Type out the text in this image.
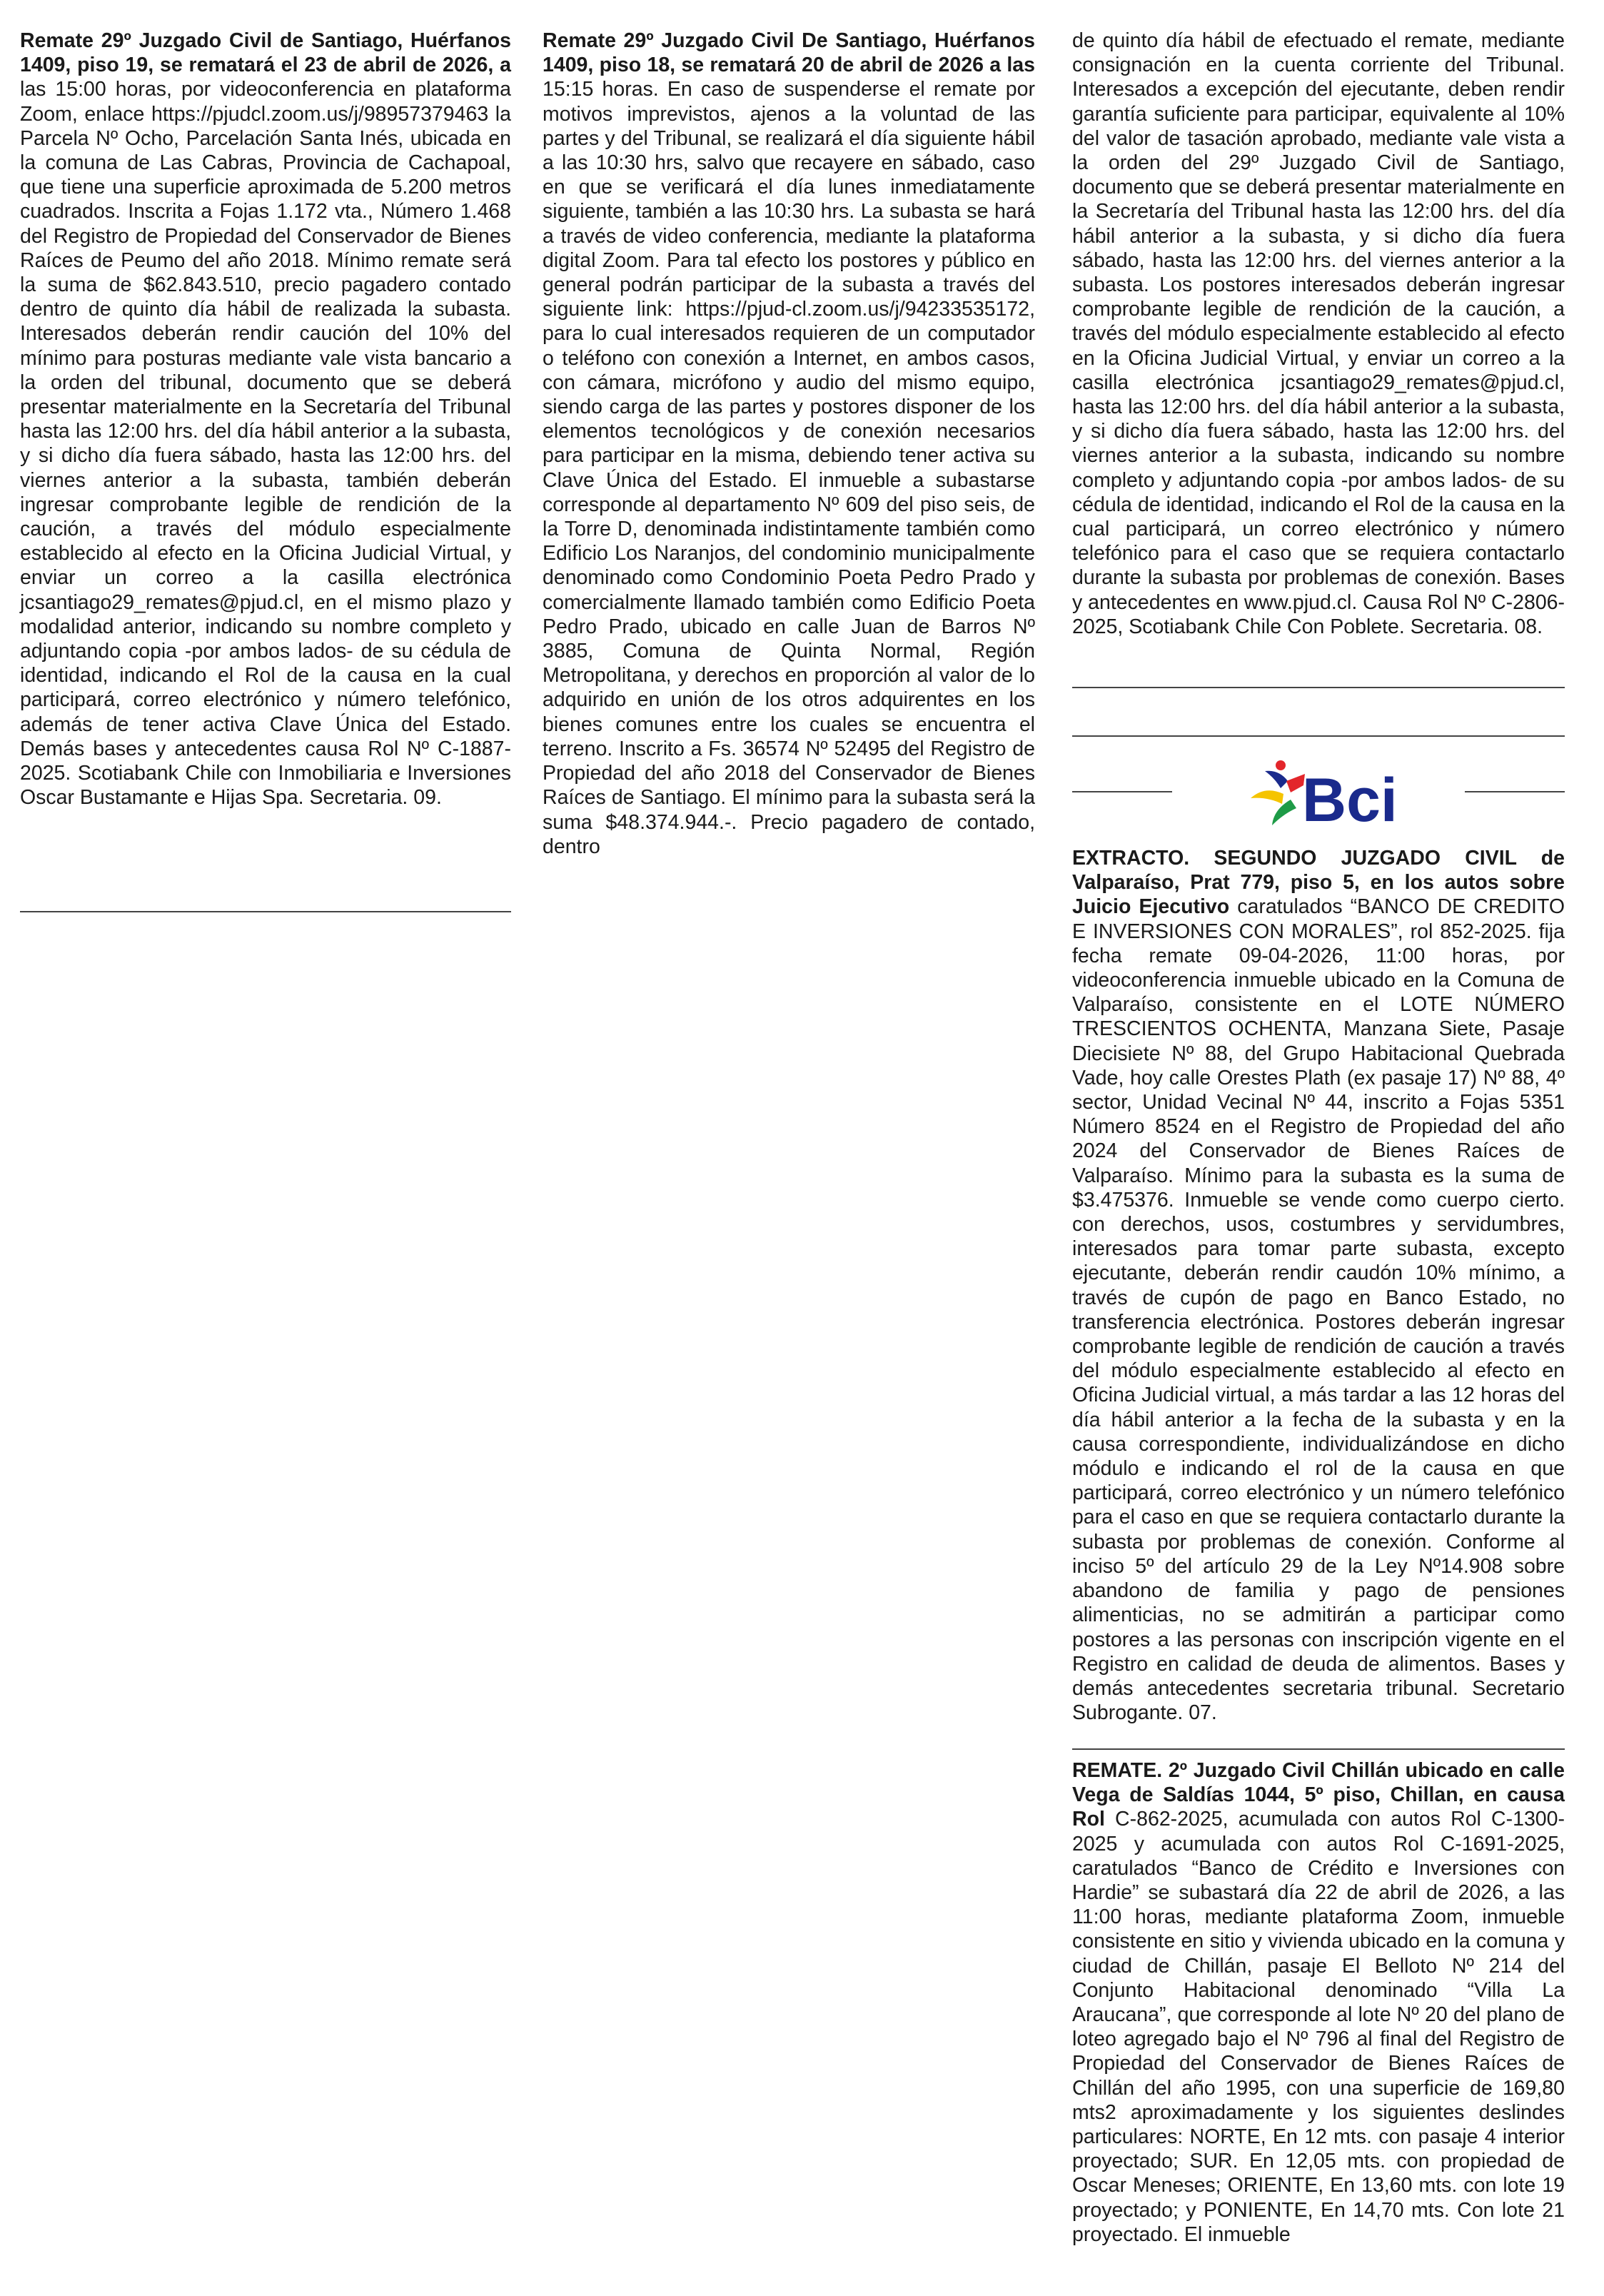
Remate 29º Juzgado Civil de Santiago, Huérfanos 1409, piso 19, se rematará el 23 de abril de 2026, a las 15:00 horas, por videoconferencia en plataforma Zoom, enlace https://pjudcl.zoom.us/j/98957379463 la Parcela Nº Ocho, Parcelación Santa Inés, ubicada en la comuna de Las Cabras, Provincia de Cachapoal, que tiene una superficie aproximada de 5.200 metros cuadrados. Inscrita a Fojas 1.172 vta., Número 1.468 del Registro de Propiedad del Conservador de Bienes Raíces de Peumo del año 2018. Mínimo remate será la suma de $62.843.510, precio pagadero contado dentro de quinto día hábil de realizada la subasta. Interesados deberán rendir caución del 10% del mínimo para posturas mediante vale vista bancario a la orden del tribunal, documento que se deberá presentar materialmente en la Secretaría del Tribunal hasta las 12:00 hrs. del día hábil anterior a la subasta, y si dicho día fuera sábado, hasta las 12:00 hrs. del viernes anterior a la subasta, también deberán ingresar comprobante legible de rendición de la caución, a través del módulo especialmente establecido al efecto en la Oficina Judicial Virtual, y enviar un correo a la casilla electrónica jcsantiago29_remates@pjud.cl, en el mismo plazo y modalidad anterior, indicando su nombre completo y adjuntando copia -por ambos lados- de su cédula de identidad, indicando el Rol de la causa en la cual participará, correo electrónico y número telefónico, además de tener activa Clave Única del Estado. Demás bases y antecedentes causa Rol Nº C-1887-2025. Scotiabank Chile con Inmobiliaria e Inversiones Oscar Bustamante e Hijas Spa. Secretaria. 09.

Remate 29º Juzgado Civil De Santiago, Huérfanos 1409, piso 18, se rematará 20 de abril de 2026 a las 15:15 horas. En caso de suspenderse el remate por motivos imprevistos, ajenos a la voluntad de las partes y del Tribunal, se realizará el día siguiente hábil a las 10:30 hrs, salvo que recayere en sábado, caso en que se verificará el día lunes inmediatamente siguiente, también a las 10:30 hrs. La subasta se hará a través de video conferencia, mediante la plataforma digital Zoom. Para tal efecto los postores y público en general podrán participar de la subasta a través del siguiente link: https://pjud-cl.zoom.us/j/94233535172, para lo cual interesados requieren de un computador o teléfono con conexión a Internet, en ambos casos, con cámara, micrófono y audio del mismo equipo, siendo carga de las partes y postores disponer de los elementos tecnológicos y de conexión necesarios para participar en la misma, debiendo tener activa su Clave Única del Estado. El inmueble a subastarse corresponde al departamento Nº 609 del piso seis, de la Torre D, denominada indistintamente también como Edificio Los Naranjos, del condominio municipalmente denominado como Condominio Poeta Pedro Prado y comercialmente llamado también como Edificio Poeta Pedro Prado, ubicado en calle Juan de Barros Nº 3885, Comuna de Quinta Normal, Región Metropolitana, y derechos en proporción al valor de lo adquirido en unión de los otros adquirentes en los bienes comunes entre los cuales se encuentra el terreno. Inscrito a Fs. 36574 Nº 52495 del Registro de Propiedad del año 2018 del Conservador de Bienes Raíces de Santiago. El mínimo para la subasta será la suma $48.374.944.-. Precio pagadero de contado, dentro

de quinto día hábil de efectuado el remate, mediante consignación en la cuenta corriente del Tribunal. Interesados a excepción del ejecutante, deben rendir garantía suficiente para participar, equivalente al 10% del valor de tasación aprobado, mediante vale vista a la orden del 29º Juzgado Civil de Santiago, documento que se deberá presentar materialmente en la Secretaría del Tribunal hasta las 12:00 hrs. del día hábil anterior a la subasta, y si dicho día fuera sábado, hasta las 12:00 hrs. del viernes anterior a la subasta. Los postores interesados deberán ingresar comprobante legible de rendición de la caución, a través del módulo especialmente establecido al efecto en la Oficina Judicial Virtual, y enviar un correo a la casilla electrónica jcsantiago29_remates@pjud.cl, hasta las 12:00 hrs. del día hábil anterior a la subasta, y si dicho día fuera sábado, hasta las 12:00 hrs. del viernes anterior a la subasta, indicando su nombre completo y adjuntando copia -por ambos lados- de su cédula de identidad, indicando el Rol de la causa en la cual participará, un correo electrónico y número telefónico para el caso que se requiera contactarlo durante la subasta por problemas de conexión. Bases y antecedentes en www.pjud.cl. Causa Rol Nº C-2806-2025, Scotiabank Chile Con Poblete. Secretaria. 08.

Bci

EXTRACTO. SEGUNDO JUZGADO CIVIL de Valparaíso, Prat 779, piso 5, en los autos sobre Juicio Ejecutivo caratulados “BANCO DE CREDITO E INVERSIONES CON MORALES”, rol 852-2025. fija fecha remate 09-04-2026, 11:00 horas, por videoconferencia inmueble ubicado en la Comuna de Valparaíso, consistente en el LOTE NÚMERO TRESCIENTOS OCHENTA, Manzana Siete, Pasaje Diecisiete Nº 88, del Grupo Habitacional Quebrada Vade, hoy calle Orestes Plath (ex pasaje 17) Nº 88, 4º sector, Unidad Vecinal Nº 44, inscrito a Fojas 5351 Número 8524 en el Registro de Propiedad del año 2024 del Conservador de Bienes Raíces de Valparaíso. Mínimo para la subasta es la suma de $3.475376. Inmueble se vende como cuerpo cierto. con derechos, usos, costumbres y servidumbres, interesados para tomar parte subasta, excepto ejecutante, deberán rendir caudón 10% mínimo, a través de cupón de pago en Banco Estado, no transferencia electrónica. Postores deberán ingresar comprobante legible de rendición de caución a través del módulo especialmente establecido al efecto en Oficina Judicial virtual, a más tardar a las 12 horas del día hábil anterior a la fecha de la subasta y en la causa correspondiente, individualizándose en dicho módulo e indicando el rol de la causa en que participará, correo electrónico y un número telefónico para el caso en que se requiera contactarlo durante la subasta por problemas de conexión. Conforme al inciso 5º del artículo 29 de la Ley Nº14.908 sobre abandono de familia y pago de pensiones alimenticias, no se admitirán a participar como postores a las personas con inscripción vigente en el Registro en calidad de deuda de alimentos. Bases y demás antecedentes secretaria tribunal. Secretario Subrogante. 07.

REMATE. 2º Juzgado Civil Chillán ubicado en calle Vega de Saldías 1044, 5º piso, Chillan, en causa Rol C-862-2025, acumulada con autos Rol C-1300-2025 y acumulada con autos Rol C-1691-2025, caratulados “Banco de Crédito e Inversiones con Hardie” se subastará día 22 de abril de 2026, a las 11:00 horas, mediante plataforma Zoom, inmueble consistente en sitio y vivienda ubicado en la comuna y ciudad de Chillán, pasaje El Belloto Nº 214 del Conjunto Habitacional denominado “Villa La Araucana”, que corresponde al lote Nº 20 del plano de loteo agregado bajo el Nº 796 al final del Registro de Propiedad del Conservador de Bienes Raíces de Chillán del año 1995, con una superficie de 169,80 mts2 aproximadamente y los siguientes deslindes particulares: NORTE, En 12 mts. con pasaje 4 interior proyectado; SUR. En 12,05 mts. con propiedad de Oscar Meneses; ORIENTE, En 13,60 mts. con lote 19 proyectado; y PONIENTE, En 14,70 mts. Con lote 21 proyectado. El inmueble
